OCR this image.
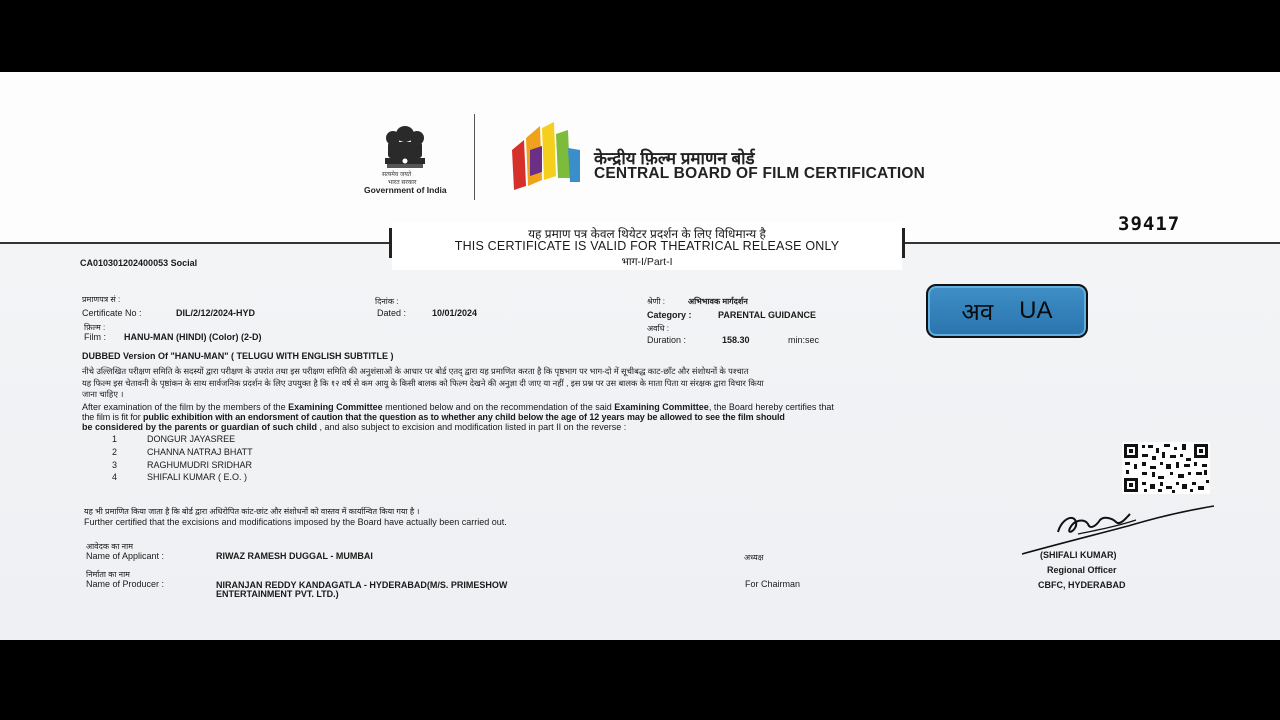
सत्यमेव जयते
भारत सरकार
Government of India
केन्द्रीय फ़िल्म प्रमाणन बोर्ड
CENTRAL BOARD OF FILM CERTIFICATION
39417
यह प्रमाण पत्र केवल थियेटर प्रदर्शन के लिए विधिमान्य है
THIS CERTIFICATE IS VALID FOR THEATRICAL RELEASE ONLY
भाग-I/Part-I
CA010301202400053 Social
प्रमाणपत्र सं :
Certificate No :	DIL/2/12/2024-HYD
दिनांक :
Dated :	10/01/2024
फ़िल्म :
Film : HANU-MAN (HINDI) (Color) (2-D)
श्रेणी :	अभिभावक मार्गदर्शन
Category :	PARENTAL GUIDANCE
अवधि :
Duration :	158.30	min:sec
अव UA
DUBBED Version Of "HANU-MAN" ( TELUGU WITH ENGLISH SUBTITLE )
नीचे उल्लिखित परीक्षण समिति के सदस्यों द्वारा परीक्षण के उपरांत तथा इस परीक्षण समिति की अनुशंसाओं के आधार पर बोर्ड एतद् द्वारा यह प्रमाणित करता है कि पृष्ठभाग पर भाग-दो में सूचीबद्ध काट-छाँट और संशोधनों के पश्चात
यह फिल्म इस चेतावनी के पृष्ठांकन के साथ सार्वजनिक प्रदर्शन के लिए उपयुक्त है कि १२ वर्ष से कम आयु के किसी बालक को फिल्म देखने की अनुज्ञा दी जाए या नहीं , इस प्रश्न पर उस बालक के माता पिता या संरक्षक द्वारा विचार किया
जाना चाहिए ।
After examination of the film by the members of the Examining Committee mentioned below and on the recommendation of the said Examining Committee, the Board hereby certifies that
the film is fit for public exhibition with an endorsment of caution that the question as to whether any child below the age of 12 years may be allowed to see the film should
be considered by the parents or guardian of such child , and also subject to excision and modification listed in part II on the reverse :
1	DONGUR JAYASREE
2	CHANNA NATRAJ BHATT
3	RAGHUMUDRI SRIDHAR
4	SHIFALI KUMAR ( E.O. )
यह भी प्रमाणित किया जाता है कि बोर्ड द्वारा अधिरोपित कांट-छांट और संशोधनों को वास्तव में कार्यान्वित किया गया है ।
Further certified that the excisions and modifications imposed by the Board have actually been carried out.
आवेदक का नाम
Name of Applicant :	RIWAZ RAMESH DUGGAL - MUMBAI
निर्माता का नाम
Name of Producer :	NIRANJAN REDDY KANDAGATLA - HYDERABAD(M/S. PRIMESHOW
ENTERTAINMENT PVT. LTD.)
अध्यक्ष
For Chairman
(SHIFALI KUMAR)
Regional Officer
CBFC, HYDERABAD
